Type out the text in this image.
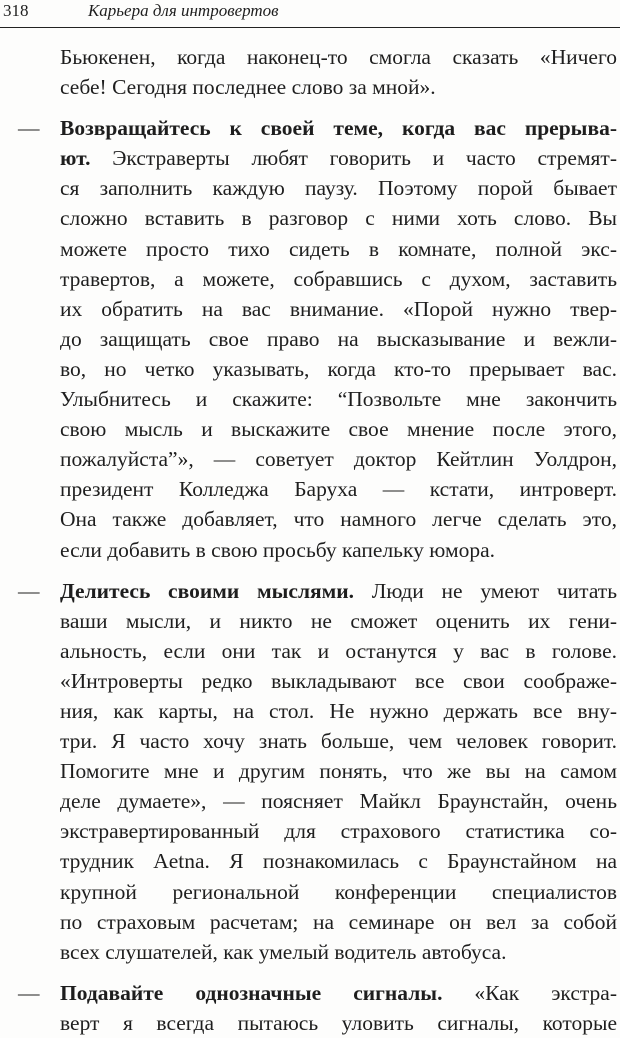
318	Карьера для интровертов
Бьюкенен, когда наконец-то смогла сказать «Ничего
себе! Сегодня последнее слово за мной».
— Возвращайтесь к своей теме, когда вас прерыва-
ют. Экстраверты любят говорить и часто стремят-
ся заполнить каждую паузу. Поэтому порой бывает
сложно вставить в разговор с ними хоть слово. Вы
можете просто тихо сидеть в комнате, полной экс-
травертов, а можете, собравшись с духом, заставить
их обратить на вас внимание. «Порой нужно твер-
до защищать свое право на высказывание и вежли-
во, но четко указывать, когда кто-то прерывает вас.
Улыбнитесь и скажите: “Позвольте мне закончить
свою мысль и выскажите свое мнение после этого,
пожалуйста”», — советует доктор Кейтлин Уолдрон,
президент Колледжа Баруха — кстати, интроверт.
Она также добавляет, что намного легче сделать это,
если добавить в свою просьбу капельку юмора.
— Делитесь своими мыслями. Люди не умеют читать
ваши мысли, и никто не сможет оценить их гени-
альность, если они так и останутся у вас в голове.
«Интроверты редко выкладывают все свои соображе-
ния, как карты, на стол. Не нужно держать все вну-
три. Я часто хочу знать больше, чем человек говорит.
Помогите мне и другим понять, что же вы на самом
деле думаете», — поясняет Майкл Браунстайн, очень
экстравертированный для страхового статистика со-
трудник Aetna. Я познакомилась с Браунстайном на
крупной региональной конференции специалистов
по страховым расчетам; на семинаре он вел за собой
всех слушателей, как умелый водитель автобуса.
— Подавайте однозначные сигналы. «Как экстра-
верт я всегда пытаюсь уловить сигналы, которые
